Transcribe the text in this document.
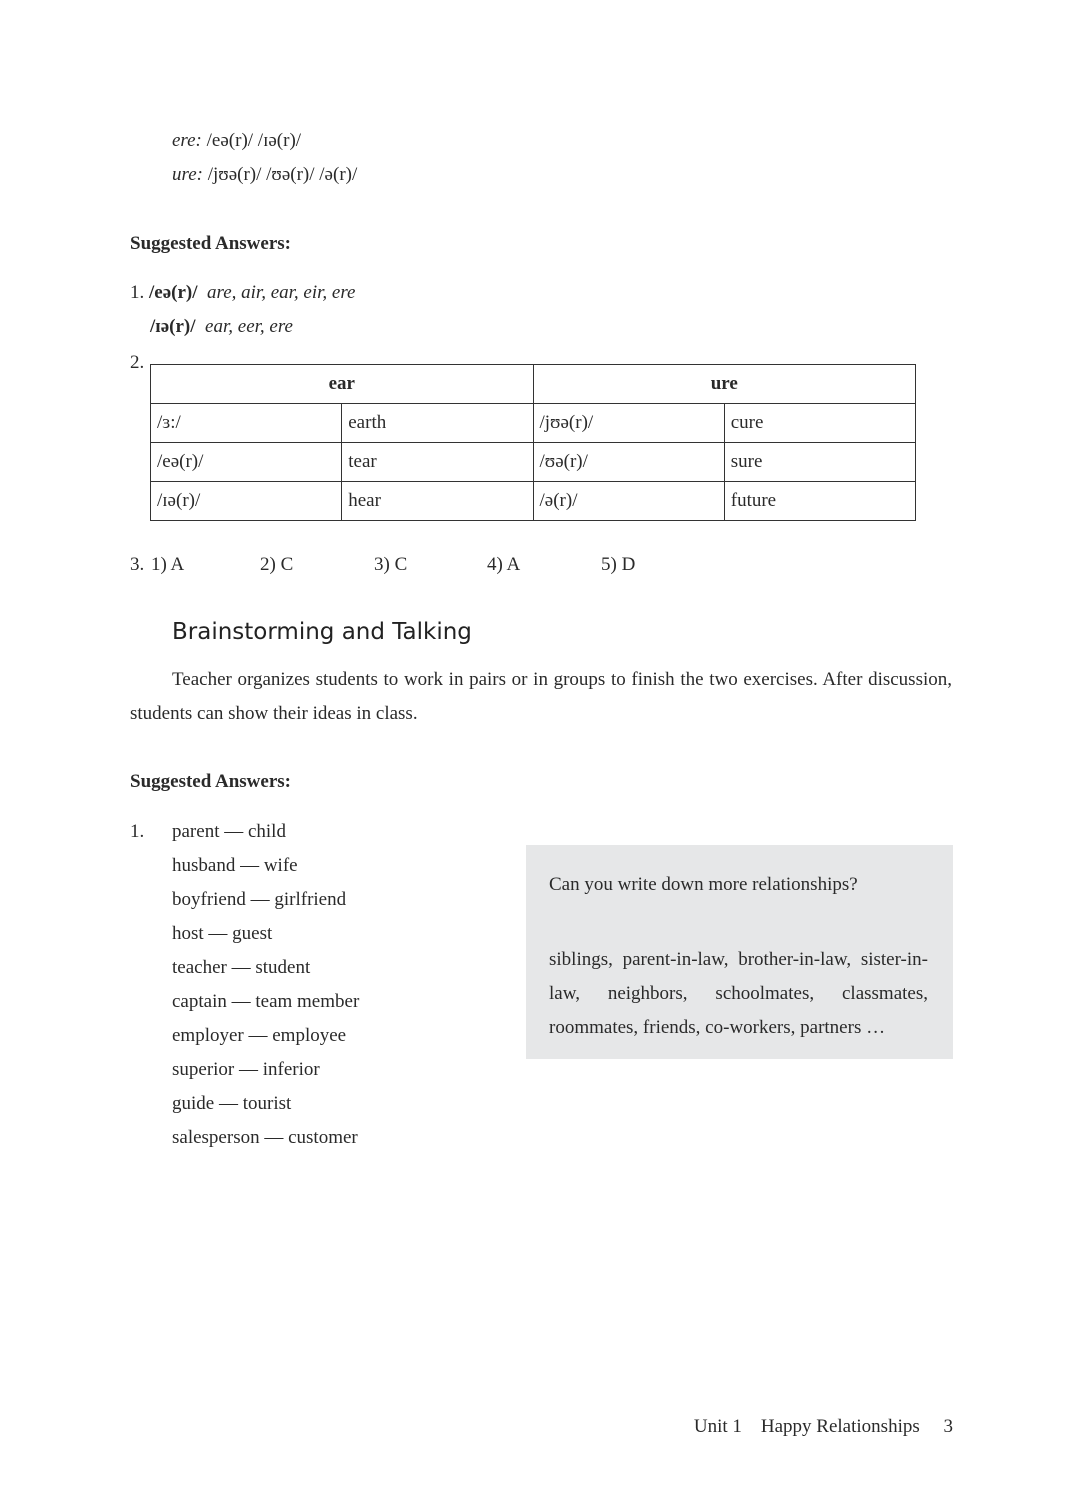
ere: /eə(r)/ /ɪə(r)/
ure: /jʊə(r)/ /ʊə(r)/ /ə(r)/
Suggested Answers:
1. /eə(r)/ are, air, ear, eir, ere
/ɪə(r)/ ear, eer, ere
2.
ear		ure	
/ɜ:/	earth	/jʊə(r)/	cure
/eə(r)/	tear	/ʊə(r)/	sure
/ɪə(r)/	hear	/ə(r)/	future
3. 1) A	2) C	3) C	4) A	5) D
Brainstorming and Talking
Teacher organizes students to work in pairs or in groups to finish the two exercises. After discussion, students can show their ideas in class.
Suggested Answers:
1. parent — child
husband — wife
boyfriend — girlfriend
host — guest
teacher — student
captain — team member
employer — employee
superior — inferior
guide — tourist
salesperson — customer
Can you write down more relationships?
siblings, parent-in-law, brother-in-law, sister-in-law, neighbors, schoolmates, classmates, roommates, friends, co-workers, partners …
Unit 1 Happy Relationships 3
